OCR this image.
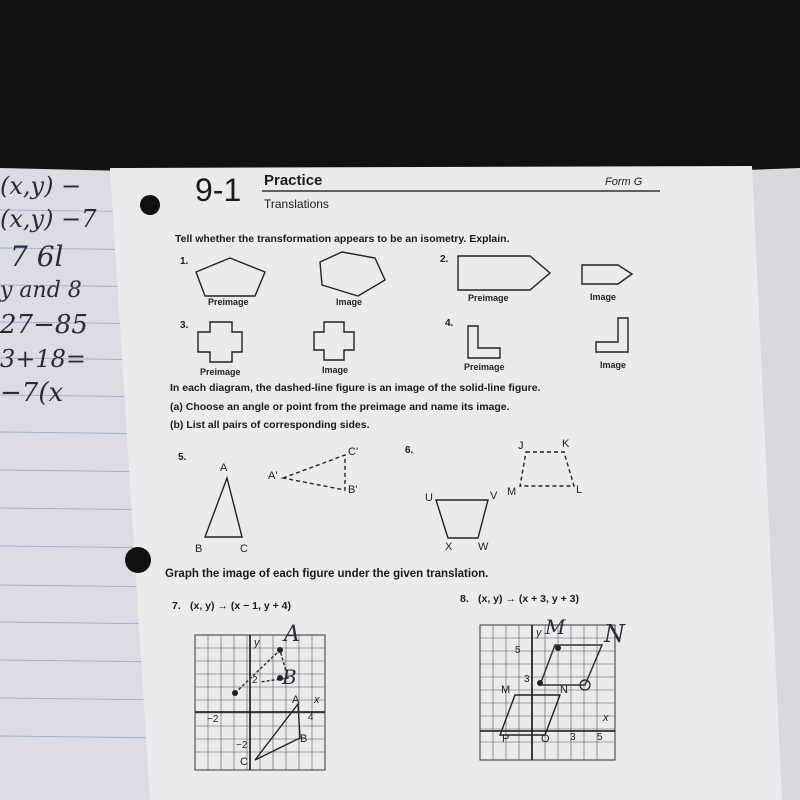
(x,y) −
(x,y) −7
7 6l
y and 8
27−85
3+18=
−7(x
9-1 Practice
Translations
Form G
Tell whether the transformation appears to be an isometry. Explain.
1.
Preimage	Image
2.
Preimage	Image
3.
Preimage	Image
4.
Preimage	Image
In each diagram, the dashed-line figure is an image of the solid-line figure.
(a) Choose an angle or point from the preimage and name its image.
(b) List all pairs of corresponding sides.
5.
A
B	C
A'
B'
C'	6.
U	V
W
X
J	K
L
M
Graph the image of each figure under the given translation.
7. (x, y) → (x − 1, y + 4)
8. (x, y) → (x + 3, y + 3)
y
x
2
−2
−2
4
A
B
C
A
B
y
x
5
3
3 5
M	N
P	O
M N
